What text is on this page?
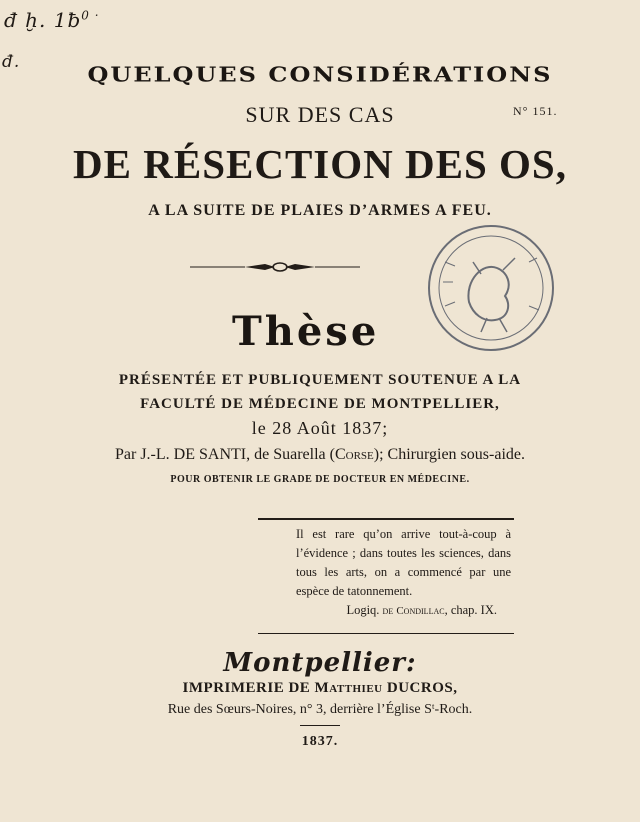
đ ḫ. $1ƀ^{0 \cdot}$
đ.
QUELQUES CONSIDÉRATIONS
SUR DES CAS	N° 151.
DE RÉSECTION DES OS,
A LA SUITE DE PLAIES D’ARMES A FEU.
Thèse
PRÉSENTÉE ET PUBLIQUEMENT SOUTENUE A LA
FACULTÉ DE MÉDECINE DE MONTPELLIER,
le 28 Août 1837;
Par J.-L. DE SANTI, de Suarella (Corse); Chirurgien sous-aide.
POUR OBTENIR LE GRADE DE DOCTEUR EN MÉDECINE.
Il est rare qu’on arrive tout-à-coup à l’évidence ; dans toutes les sciences, dans tous les arts, on a commencé par une espèce de tatonnement.
Logiq. de Condillac, chap. IX.
Montpellier:
IMPRIMERIE DE Matthieu DUCROS,
Rue des Sœurs-Noires, n° 3, derrière l’Église Sᵗ-Roch.
1837.
